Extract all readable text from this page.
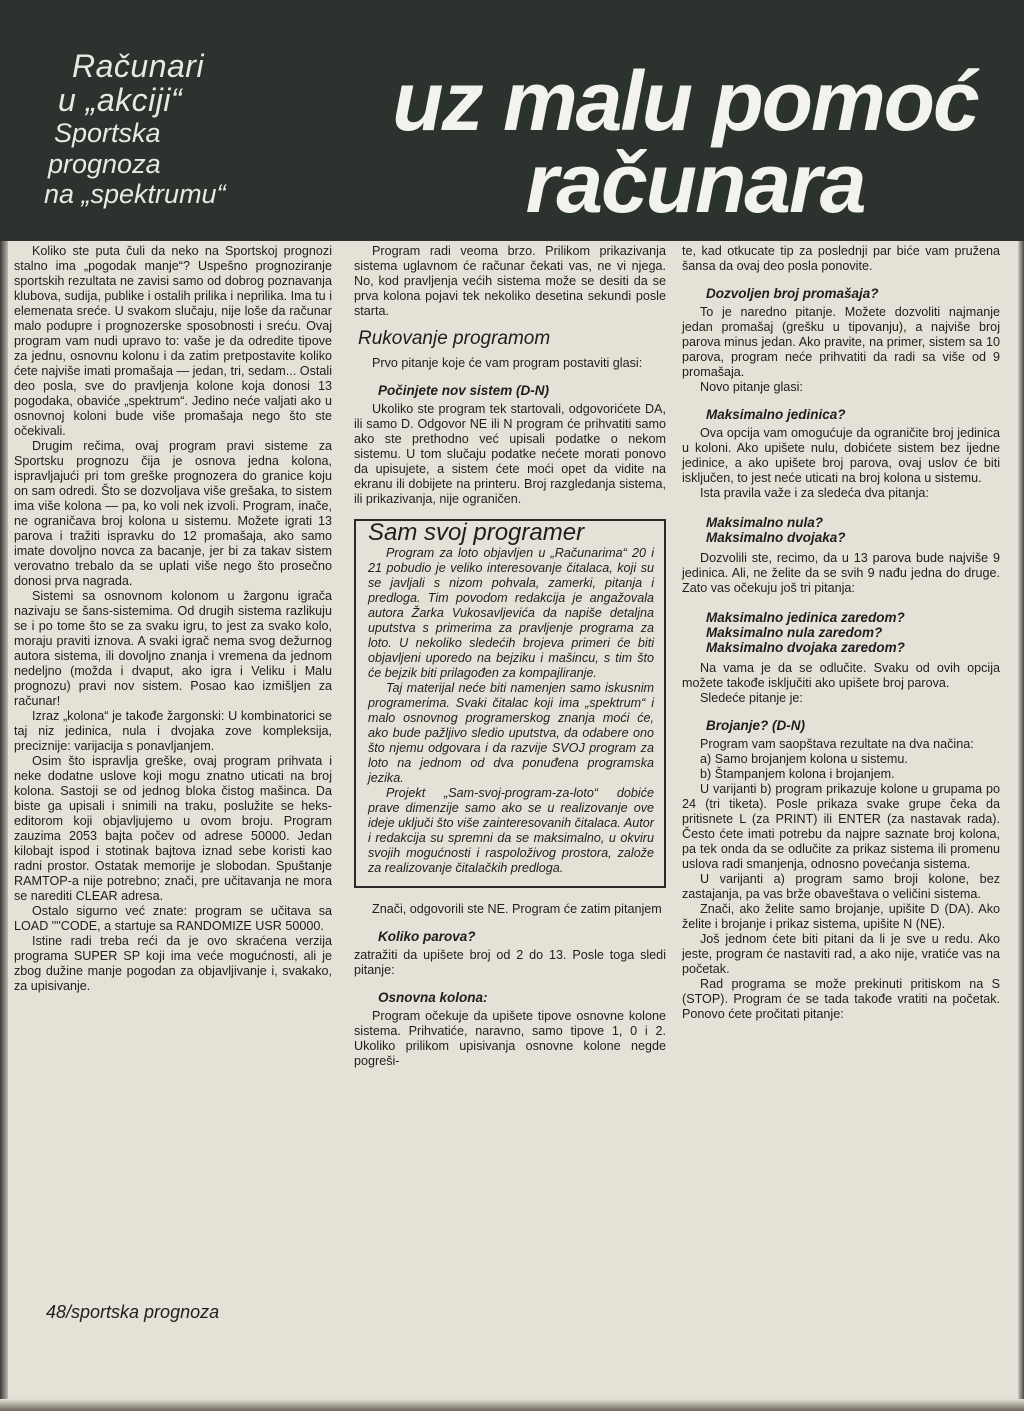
Računari
u „akciji“
Sportska
prognoza
na „spektrumu“
uz malu pomoć
računara

Koliko ste puta čuli da neko na Sportskoj prognozi stalno ima „pogodak manje“? Uspešno prognoziranje sportskih rezultata ne zavisi samo od dobrog poznavanja klubova, sudija, publike i ostalih prilika i neprilika. Ima tu i elemenata sreće. U svakom slučaju, nije loše da računar malo podupre i prognozerske sposobnosti i sreću. Ovaj program vam nudi upravo to: vaše je da odredite tipove za jednu, osnovnu kolonu i da zatim pretpostavite koliko ćete najviše imati promašaja — jedan, tri, sedam... Ostali deo posla, sve do pravljenja kolone koja donosi 13 pogodaka, obaviće „spektrum“. Jedino neće valjati ako u osnovnoj koloni bude više promašaja nego što ste očekivali.

Drugim rečima, ovaj program pravi sisteme za Sportsku prognozu čija je osnova jedna kolona, ispravljajući pri tom greške prognozera do granice koju on sam odredi. Što se dozvoljava više grešaka, to sistem ima više kolona — pa, ko voli nek izvoli. Program, inače, ne ograničava broj kolona u sistemu. Možete igrati 13 parova i tražiti ispravku do 12 promašaja, ako samo imate dovoljno novca za bacanje, jer bi za takav sistem verovatno trebalo da se uplati više nego što prosečno donosi prva nagrada.

Sistemi sa osnovnom kolonom u žargonu igrača nazivaju se šans-sistemima. Od drugih sistema razlikuju se i po tome što se za svaku igru, to jest za svako kolo, moraju praviti iznova. A svaki igrač nema svog dežurnog autora sistema, ili dovoljno znanja i vremena da jednom nedeljno (možda i dvaput, ako igra i Veliku i Malu prognozu) pravi nov sistem. Posao kao izmišljen za računar!

Izraz „kolona“ je takođe žargonski: U kombinatorici se taj niz jedinica, nula i dvojaka zove kompleksija, preciznije: varijacija s ponavljanjem.

Osim što ispravlja greške, ovaj program prihvata i neke dodatne uslove koji mogu znatno uticati na broj kolona. Sastoji se od jednog bloka čistog mašinca. Da biste ga upisali i snimili na traku, poslužite se heks-editorom koji objavljujemo u ovom broju. Program zauzima 2053 bajta počev od adrese 50000. Jedan kilobajt ispod i stotinak bajtova iznad sebe koristi kao radni prostor. Ostatak memorije je slobodan. Spuštanje RAMTOP-a nije potrebno; znači, pre učitavanja ne mora se narediti CLEAR adresa.

Ostalo sigurno već znate: program se učitava sa LOAD ""CODE, a startuje sa RANDOMIZE USR 50000.

Istine radi treba reći da je ovo skraćena verzija programa SUPER SP koji ima veće mogućnosti, ali je zbog dužine manje pogodan za objavljivanje i, svakako, za upisivanje.

Program radi veoma brzo. Prilikom prikazivanja sistema uglavnom će računar čekati vas, ne vi njega. No, kod pravljenja većih sistema može se desiti da se prva kolona pojavi tek nekoliko desetina sekundi posle starta.

Rukovanje programom

Prvo pitanje koje će vam program postaviti glasi:

Počinjete nov sistem (D-N)

Ukoliko ste program tek startovali, odgovorićete DA, ili samo D. Odgovor NE ili N program će prihvatiti samo ako ste prethodno već upisali podatke o nekom sistemu. U tom slučaju podatke nećete morati ponovo da upisujete, a sistem ćete moći opet da vidite na ekranu ili dobijete na printeru. Broj razgledanja sistema, ili prikazivanja, nije ograničen.

Sam svoj programer

Program za loto objavljen u „Računarima“ 20 i 21 pobudio je veliko interesovanje čitalaca, koji su se javljali s nizom pohvala, zamerki, pitanja i predloga. Tim povodom redakcija je angažovala autora Žarka Vukosavljevića da napiše detaljna uputstva s primerima za pravljenje programa za loto. U nekoliko sledećih brojeva primeri će biti objavljeni uporedo na bejziku i mašincu, s tim što će bejzik biti prilagođen za kompajliranje.

Taj materijal neće biti namenjen samo iskusnim programerima. Svaki čitalac koji ima „spektrum“ i malo osnovnog programerskog znanja moći će, ako bude pažljivo sledio uputstva, da odabere ono što njemu odgovara i da razvije SVOJ program za loto na jednom od dva ponuđena programska jezika.

Projekt „Sam-svoj-program-za-loto“ dobiće prave dimenzije samo ako se u realizovanje ove ideje uključi što više zainteresovanih čitalaca. Autor i redakcija su spremni da se maksimalno, u okviru svojih mogućnosti i raspoloživog prostora, založe za realizovanje čitalačkih predloga.

Znači, odgovorili ste NE. Program će zatim pitanjem

Koliko parova?

zatražiti da upišete broj od 2 do 13. Posle toga sledi pitanje:

Osnovna kolona:

Program očekuje da upišete tipove osnovne kolone sistema. Prihvatiće, naravno, samo tipove 1, 0 i 2. Ukoliko prilikom upisivanja osnovne kolone negde pogreši-

te, kad otkucate tip za poslednji par biće vam pružena šansa da ovaj deo posla ponovite.

Dozvoljen broj promašaja?

To je naredno pitanje. Možete dozvoliti najmanje jedan promašaj (grešku u tipovanju), a najviše broj parova minus jedan. Ako pravite, na primer, sistem sa 10 parova, program neće prihvatiti da radi sa više od 9 promašaja.

Novo pitanje glasi:

Maksimalno jedinica?

Ova opcija vam omogućuje da ograničite broj jedinica u koloni. Ako upišete nulu, dobićete sistem bez ijedne jedinice, a ako upišete broj parova, ovaj uslov će biti isključen, to jest neće uticati na broj kolona u sistemu.

Ista pravila važe i za sledeća dva pitanja:

Maksimalno nula?
Maksimalno dvojaka?

Dozvolili ste, recimo, da u 13 parova bude najviše 9 jedinica. Ali, ne želite da se svih 9 nađu jedna do druge. Zato vas očekuju još tri pitanja:

Maksimalno jedinica zaredom?
Maksimalno nula zaredom?
Maksimalno dvojaka zaredom?

Na vama je da se odlučite. Svaku od ovih opcija možete takođe isključiti ako upišete broj parova.

Sledeće pitanje je:

Brojanje? (D-N)

Program vam saopštava rezultate na dva načina:

a) Samo brojanjem kolona u sistemu.

b) Štampanjem kolona i brojanjem.

U varijanti b) program prikazuje kolone u grupama po 24 (tri tiketa). Posle prikaza svake grupe čeka da pritisnete L (za PRINT) ili ENTER (za nastavak rada). Često ćete imati potrebu da najpre saznate broj kolona, pa tek onda da se odlučite za prikaz sistema ili promenu uslova radi smanjenja, odnosno povećanja sistema.

U varijanti a) program samo broji kolone, bez zastajanja, pa vas brže obaveštava o veličini sistema.

Znači, ako želite samo brojanje, upišite D (DA). Ako želite i brojanje i prikaz sistema, upišite N (NE).

Još jednom ćete biti pitani da li je sve u redu. Ako jeste, program će nastaviti rad, a ako nije, vratiće vas na početak.

Rad programa se može prekinuti pritiskom na S (STOP). Program će se tada takođe vratiti na početak. Ponovo ćete pročitati pitanje:

48/sportska prognoza
